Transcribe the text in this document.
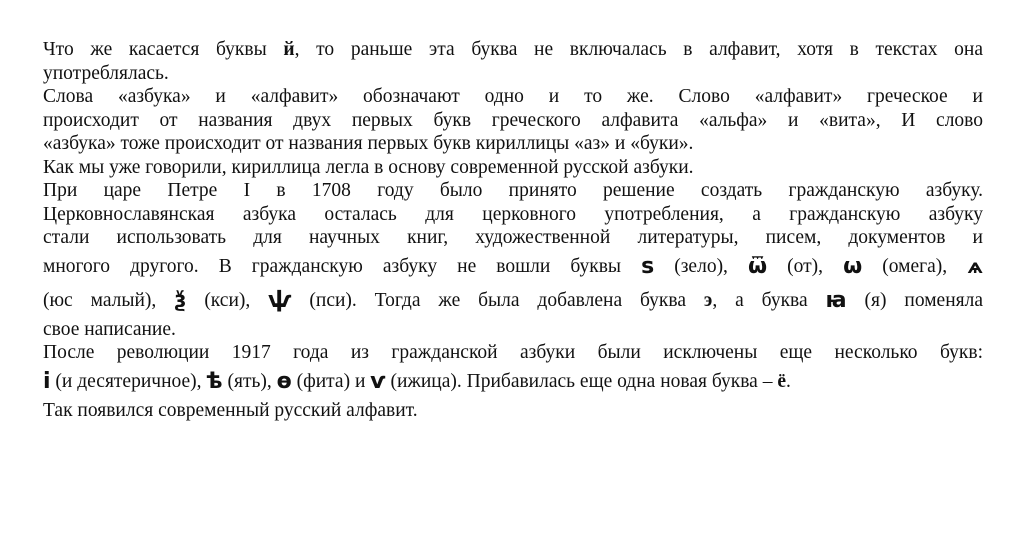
Что же касается буквы й, то раньше эта буква не включалась в алфавит, хотя в текстах она
употреблялась.

Слова «азбука» и «алфавит» обозначают одно и то же. Слово «алфавит» греческое и
происходит от названия двух первых букв греческого алфавита «альфа» и «вита», И слово
«азбука» тоже происходит от названия первых букв кириллицы «аз» и «буки».

Как мы уже говорили, кириллица легла в основу современной русской азбуки.

При царе Петре I в 1708 году было принято решение создать гражданскую азбуку.
Церковнославянская азбука осталась для церковного употребления, а гражданскую азбуку
стали использовать для научных книг, художественной литературы, писем, документов и
многого другого. В гражданскую азбуку не вошли буквы ѕ (зело), ѿ (от), ѡ (омега), ѧ
(юс малый), ѯ (кси), ѱ (пси). Тогда же была добавлена буква э, а буква ꙗ (я) поменяла
свое написание.

После революции 1917 года из гражданской азбуки были исключены еще несколько букв:
і (и десятеричное), ѣ (ять), ѳ (фита) и ѵ (ижица). Прибавилась еще одна новая буква – ё.

Так появился современный русский алфавит.
